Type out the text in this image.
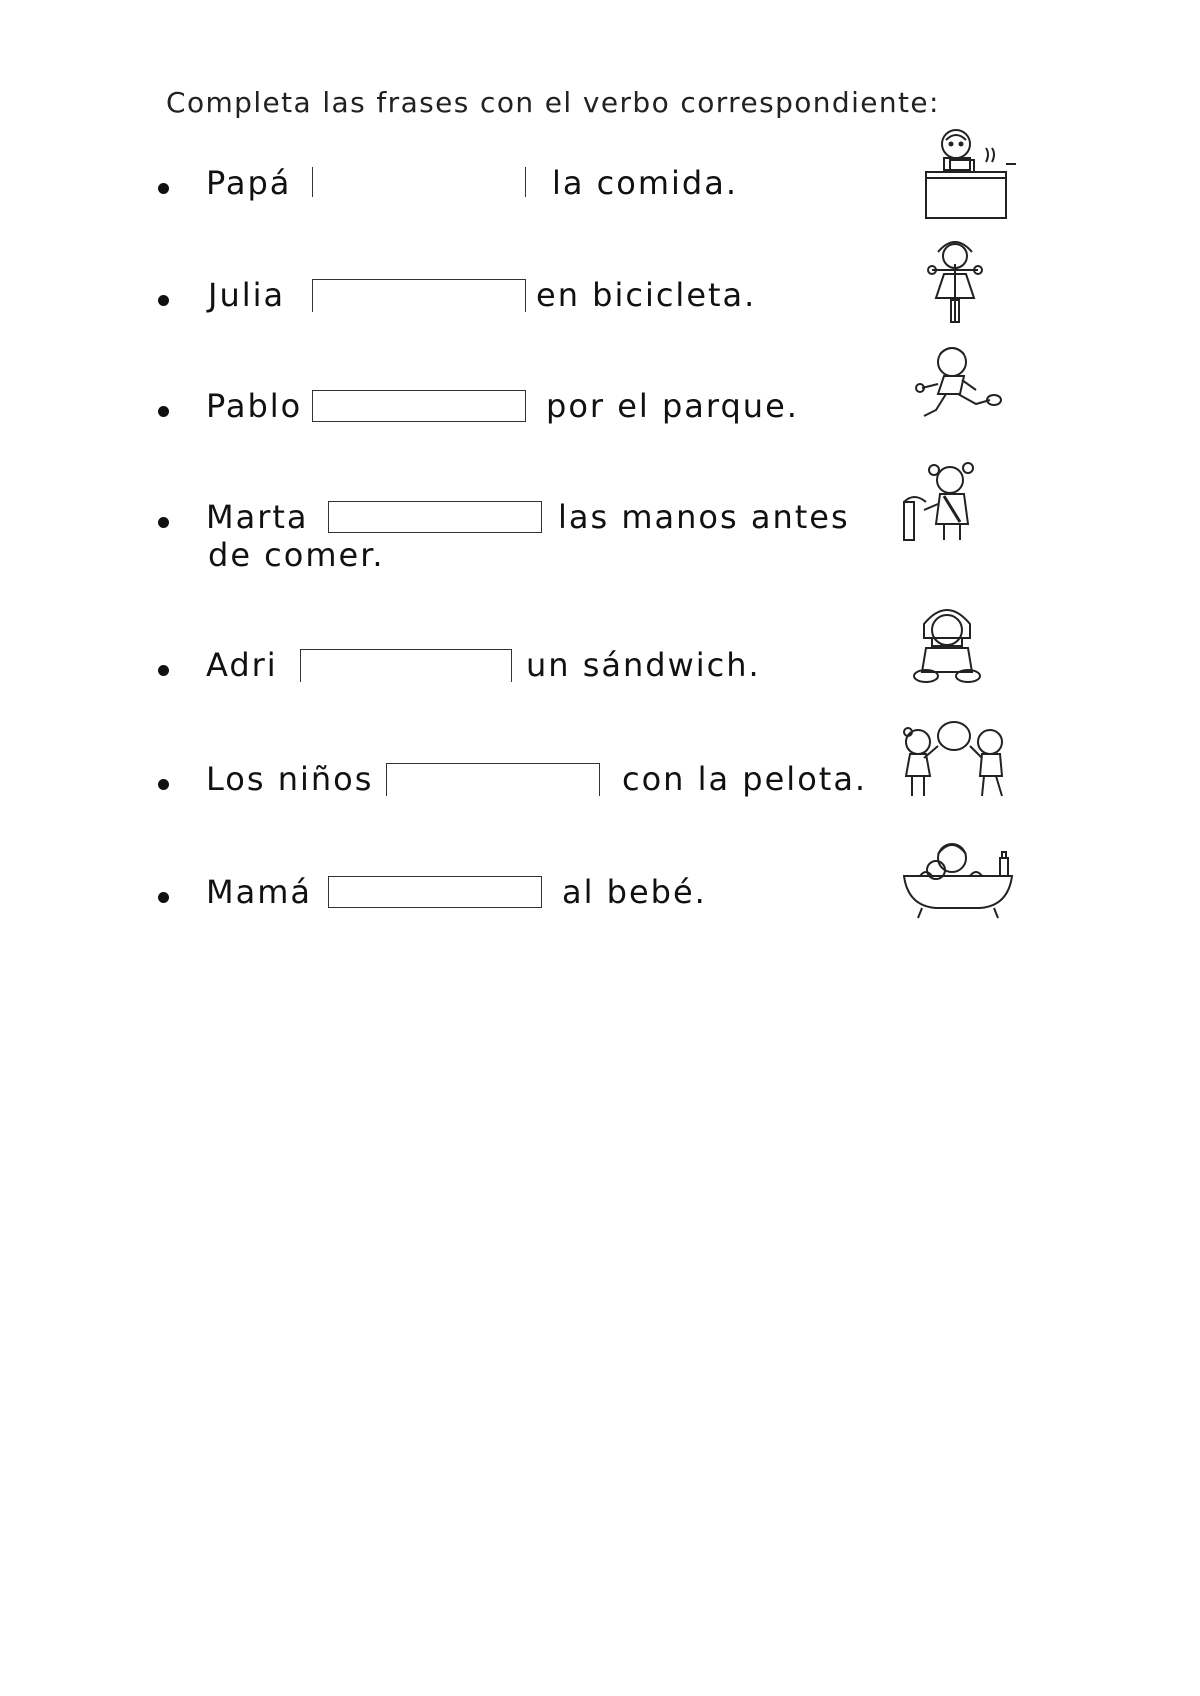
Completa las frases con el verbo correspondiente:
Papá	la comida.
Julia	en bicicleta.
Pablo	por el parque.
Marta	las manos antes
de comer.
Adri	un sándwich.
Los niños	con la pelota.
Mamá	al bebé.
